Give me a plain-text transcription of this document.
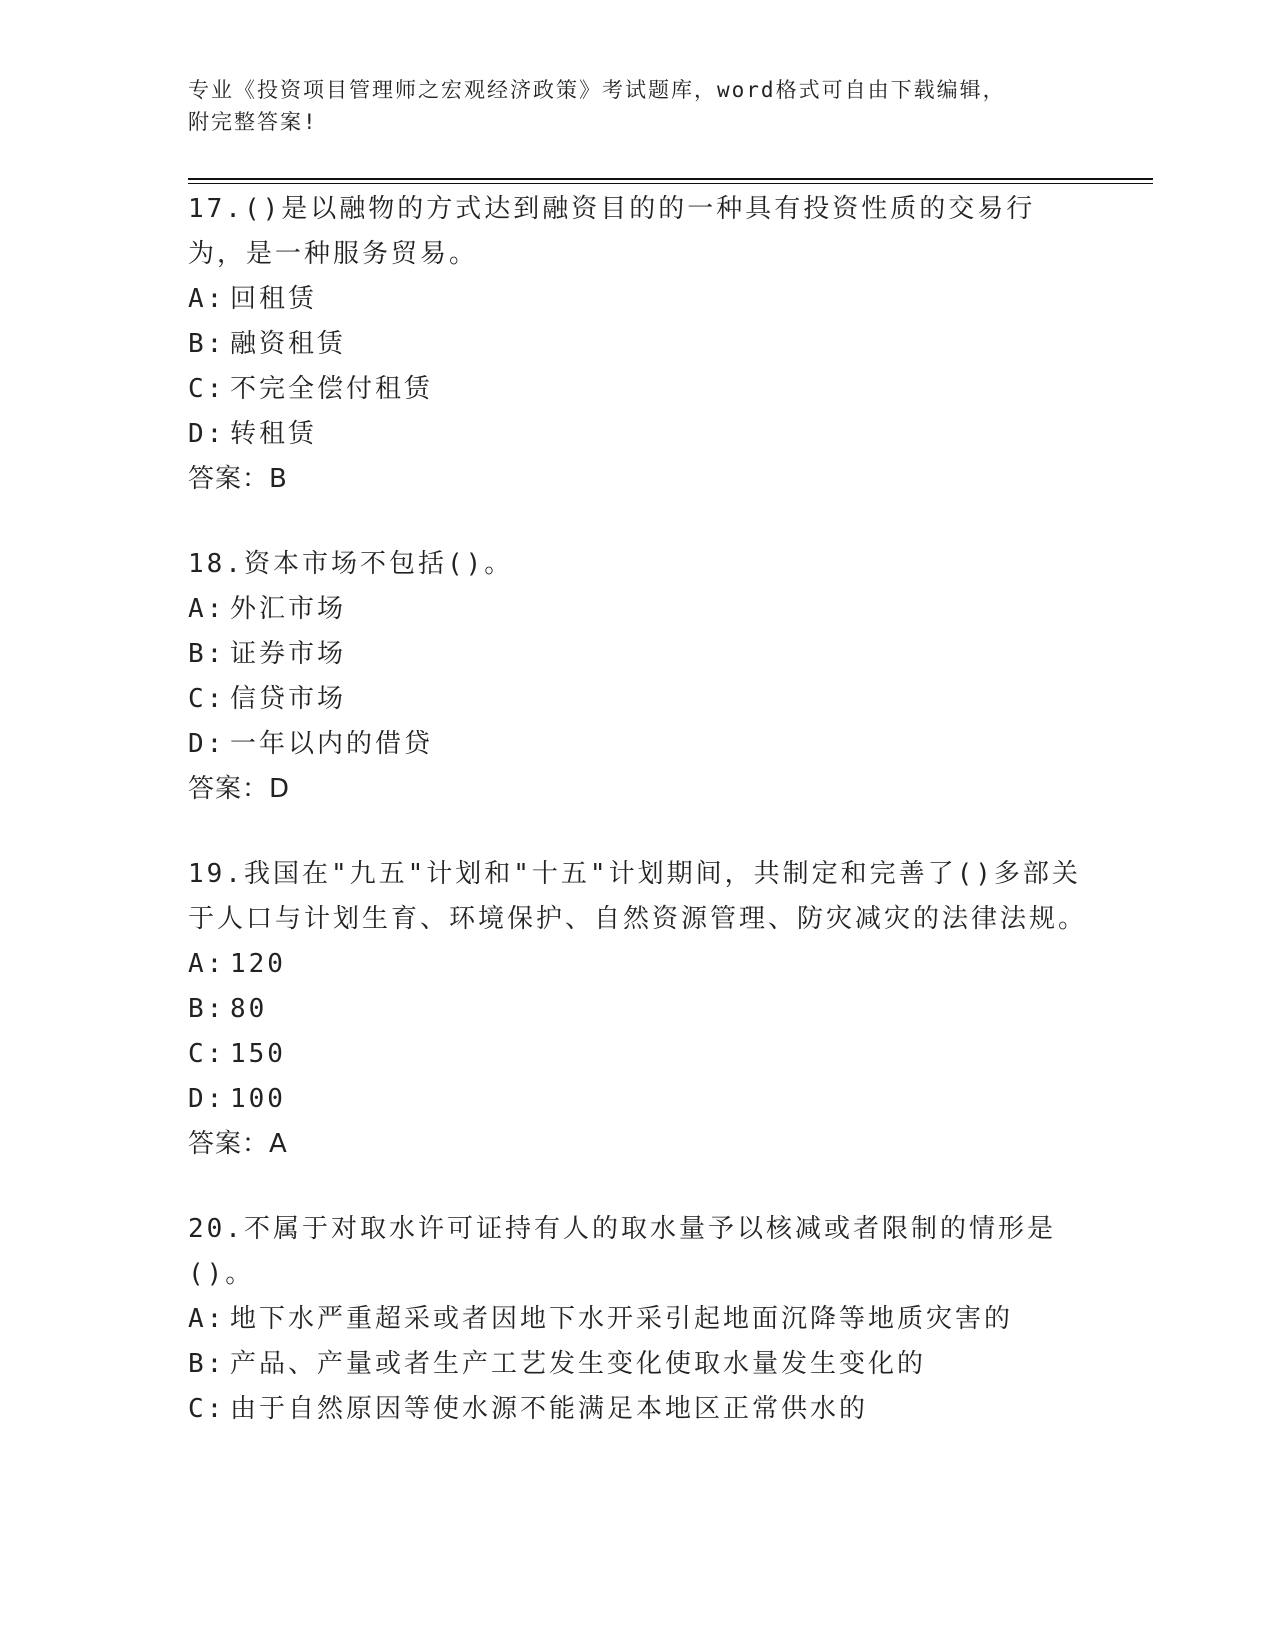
专业《投资项目管理师之宏观经济政策》考试题库，word格式可自由下载编辑，
附完整答案!

17.()是以融物的方式达到融资目的的一种具有投资性质的交易行为，是一种服务贸易。

A: 回租赁

B: 融资租赁

C: 不完全偿付租赁

D: 转租赁

答案：B

18.资本市场不包括()。

A: 外汇市场

B: 证券市场

C: 信贷市场

D: 一年以内的借贷

答案：D

19.我国在"九五"计划和"十五"计划期间，共制定和完善了()多部关于人口与计划生育、环境保护、自然资源管理、防灾减灾的法律法规。

A: 120

B: 80

C: 150

D: 100

答案：A

20.不属于对取水许可证持有人的取水量予以核减或者限制的情形是()。

A: 地下水严重超采或者因地下水开采引起地面沉降等地质灾害的

B: 产品、产量或者生产工艺发生变化使取水量发生变化的

C: 由于自然原因等使水源不能满足本地区正常供水的
